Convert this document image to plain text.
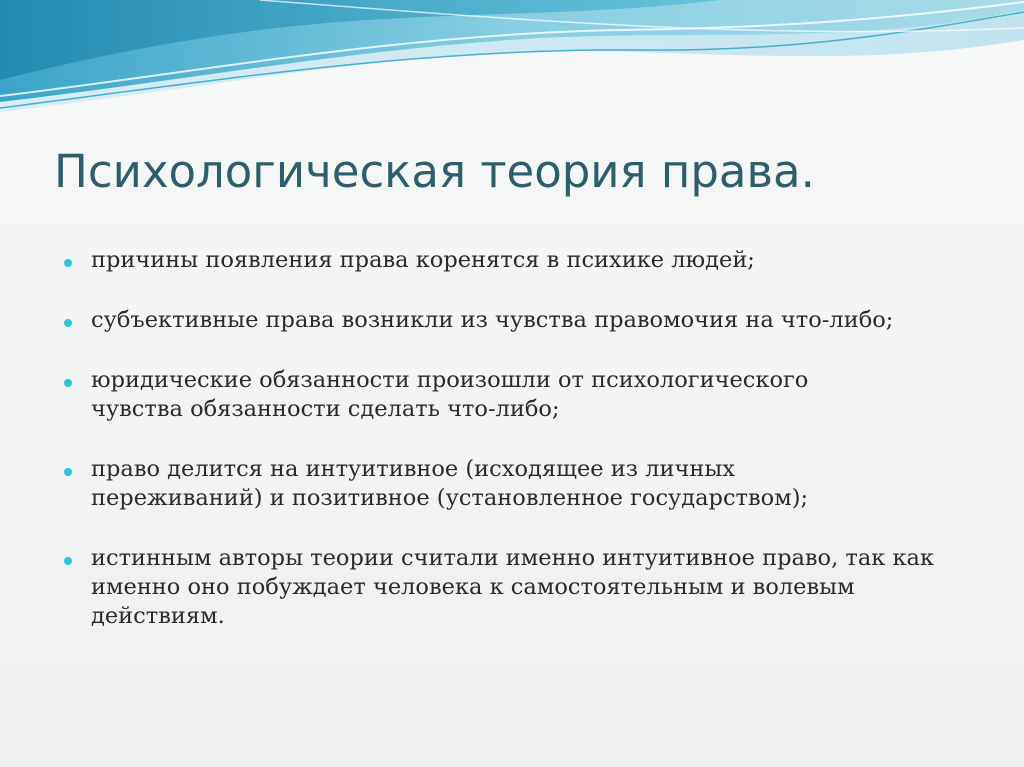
Психологическая теория права.
причины появления права коренятся в психике людей;
субъективные права возникли из чувства правомочия на что-либо;
юридические обязанности произошли от психологического чувства обязанности сделать что-либо;
право делится на интуитивное (исходящее из личных переживаний) и позитивное (установленное государством);
истинным авторы теории считали именно интуитивное право, так как именно оно побуждает человека к самостоятельным и волевым действиям.
